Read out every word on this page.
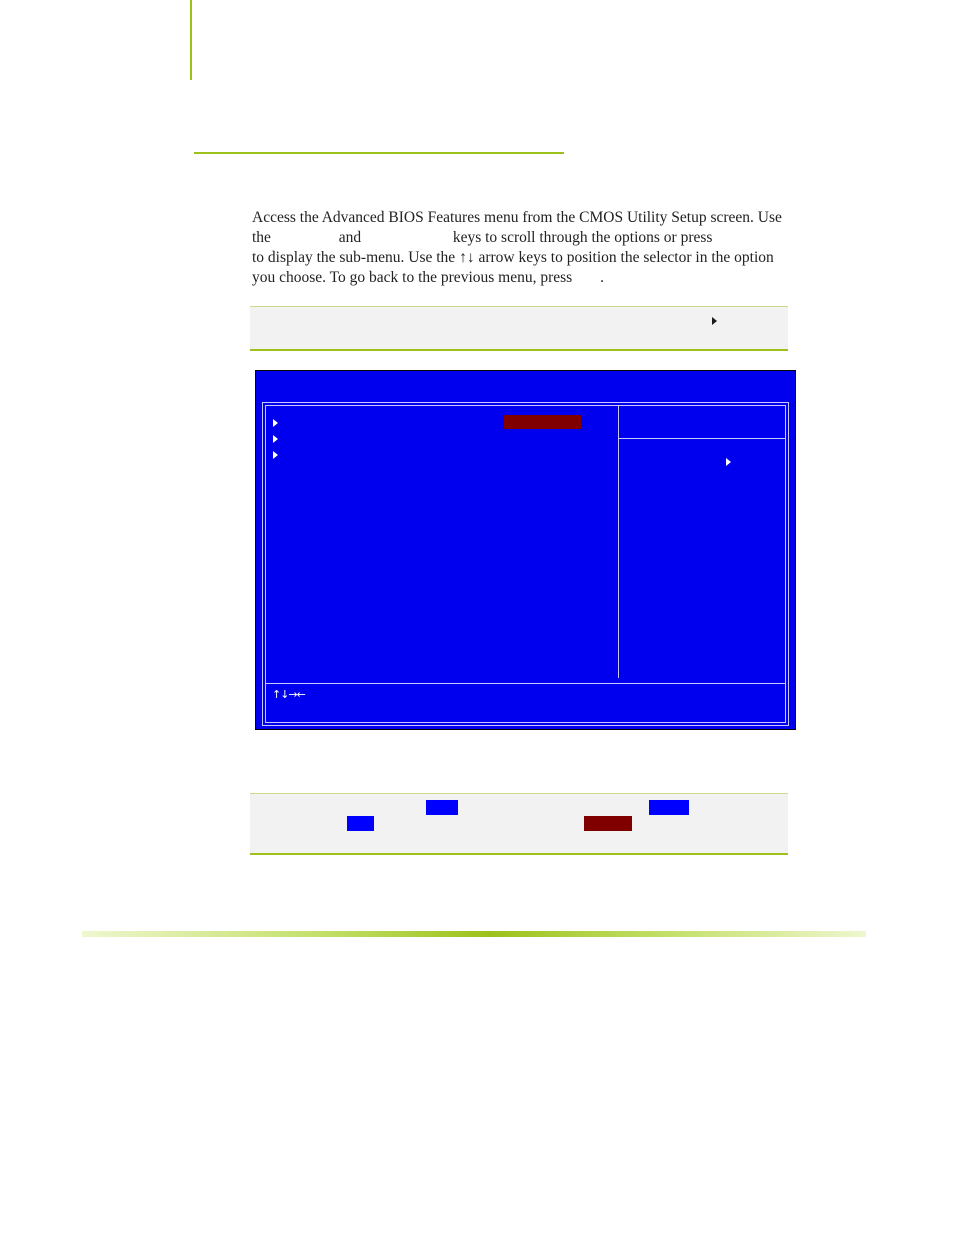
Access the Advanced BIOS Features menu from the CMOS Utility Setup screen. Use the	and	keys to scroll through the options or press  to display the sub-menu. Use the ↑↓ arrow keys to position the selector in the option you choose. To go back to the previous menu, press .
↑↓→←
